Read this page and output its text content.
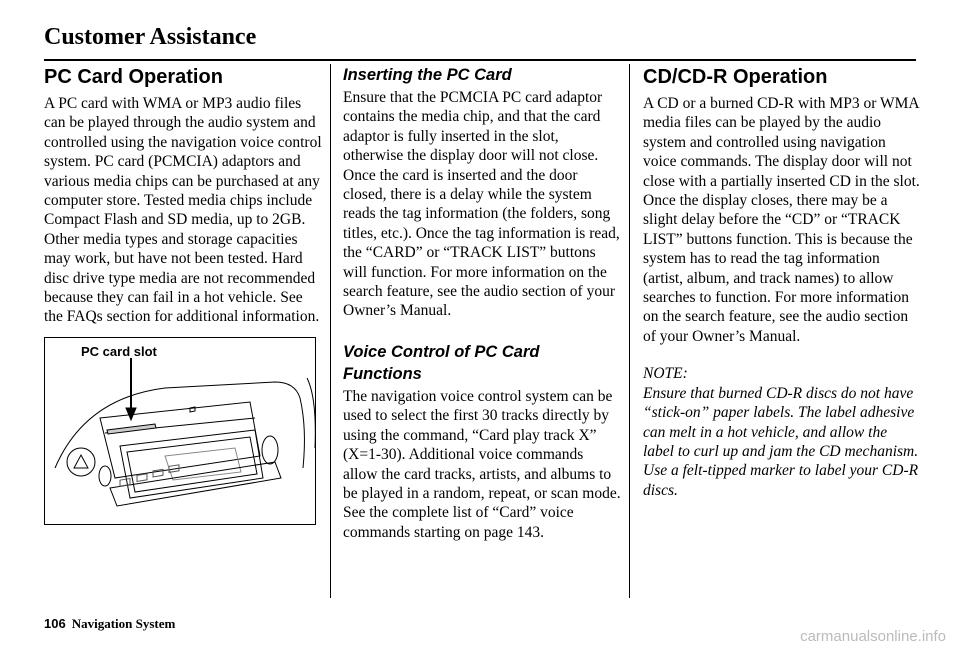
Customer Assistance
PC Card Operation

A PC card with WMA or MP3 audio files can be played through the audio system and controlled using the navigation voice control system. PC card (PCMCIA) adaptors and various media chips can be purchased at any computer store. Tested media chips include Compact Flash and SD media, up to 2GB. Other media types and storage capacities may work, but have not been tested. Hard disc drive type media are not recommended because they can fail in a hot vehicle. See the FAQs section for additional information.

PC card slot
Inserting the PC Card

Ensure that the PCMCIA PC card adaptor contains the media chip, and that the card adaptor is fully inserted in the slot, otherwise the display door will not close. Once the card is inserted and the door closed, there is a delay while the system reads the tag information (the folders, song titles, etc.). Once the tag information is read, the “CARD” or “TRACK LIST” buttons will function. For more information on the search feature, see the audio section of your Owner’s Manual.

Voice Control of PC Card Functions

The navigation voice control system can be used to select the first 30 tracks directly by using the command, “Card play track X” (X=1-30). Additional voice commands allow the card tracks, artists, and albums to be played in a random, repeat, or scan mode. See the complete list of “Card” voice commands starting on page 143.

CD/CD-R Operation

A CD or a burned CD-R with MP3 or WMA media files can be played by the audio system and controlled using navigation voice commands. The display door will not close with a partially inserted CD in the slot. Once the display closes, there may be a slight delay before the “CD” or “TRACK LIST” buttons function. This is because the system has to read the tag information (artist, album, and track names) to allow searches to function. For more information on the search feature, see the audio section of your Owner’s Manual.

NOTE:

Ensure that burned CD-R discs do not have “stick-on” paper labels. The label adhesive can melt in a hot vehicle, and allow the label to curl up and jam the CD mechanism. Use a felt-tipped marker to label your CD-R discs.

106 Navigation System
carmanualsonline.info
